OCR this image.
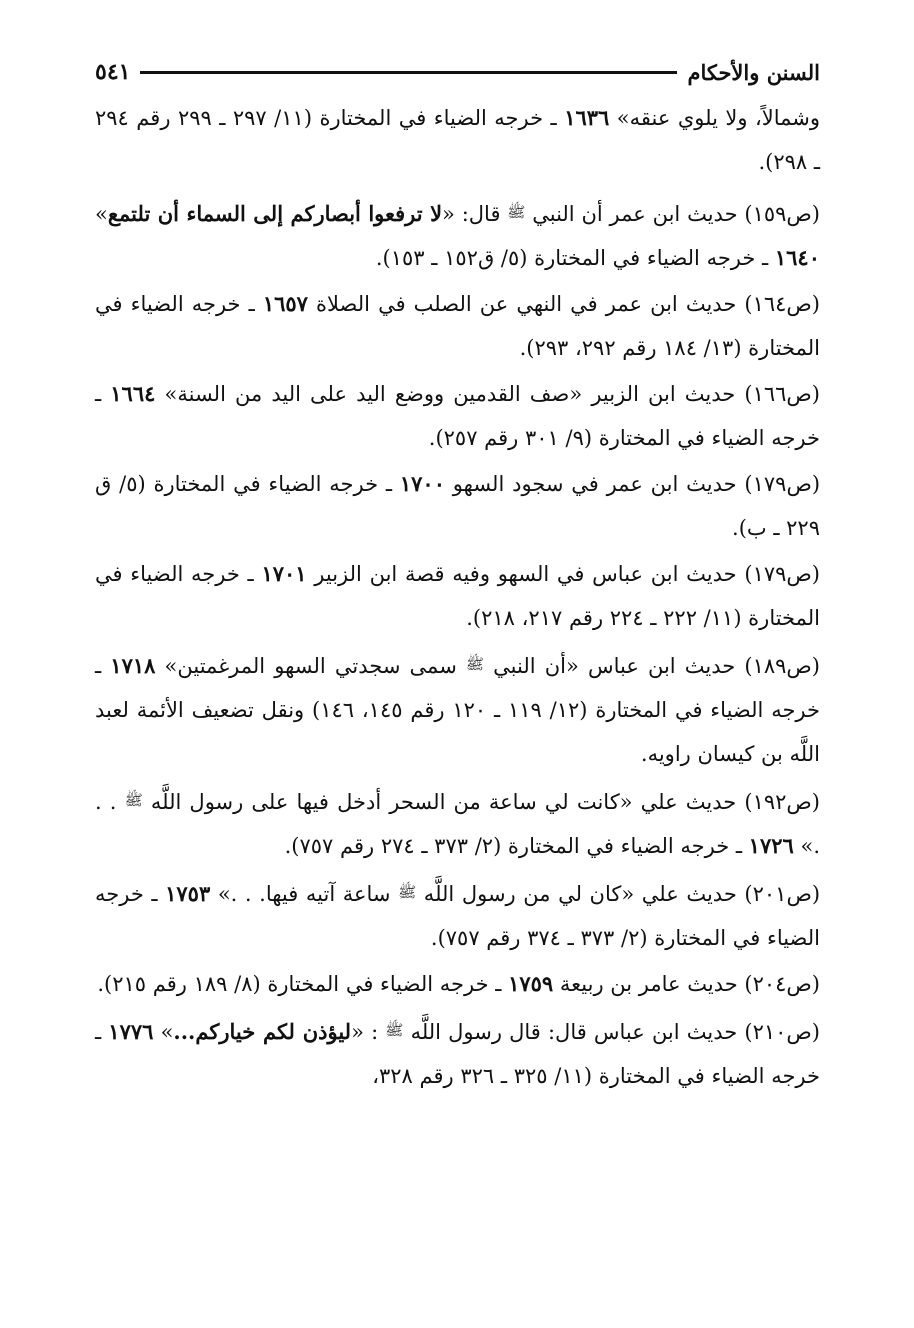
السنن والأحكام
٥٤١

وشمالاً، ولا يلوي عنقه» ١٦٣٦ ـ خرجه الضياء في المختارة (١١/ ٢٩٧ ـ ٢٩٩ رقم ٢٩٤ ـ ٢٩٨).

(ص١٥٩) حديث ابن عمر أن النبي ﷺ قال: «لا ترفعوا أبصاركم إلى السماء أن تلتمع» ١٦٤٠ ـ خرجه الضياء في المختارة (٥/ ق١٥٢ ـ ١٥٣).

(ص١٦٤) حديث ابن عمر في النهي عن الصلب في الصلاة ١٦٥٧ ـ خرجه الضياء في المختارة (١٣/ ١٨٤ رقم ٢٩٢، ٢٩٣).

(ص١٦٦) حديث ابن الزبير «صف القدمين ووضع اليد على اليد من السنة» ١٦٦٤ ـ خرجه الضياء في المختارة (٩/ ٣٠١ رقم ٢٥٧).

(ص١٧٩) حديث ابن عمر في سجود السهو ١٧٠٠ ـ خرجه الضياء في المختارة (٥/ ق ٢٢٩ ـ ب).

(ص١٧٩) حديث ابن عباس في السهو وفيه قصة ابن الزبير ١٧٠١ ـ خرجه الضياء في المختارة (١١/ ٢٢٢ ـ ٢٢٤ رقم ٢١٧، ٢١٨).

(ص١٨٩) حديث ابن عباس «أن النبي ﷺ سمى سجدتي السهو المرغمتين» ١٧١٨ ـ خرجه الضياء في المختارة (١٢/ ١١٩ ـ ١٢٠ رقم ١٤٥، ١٤٦) ونقل تضعيف الأئمة لعبد اللَّه بن كيسان راويه.

(ص١٩٢) حديث علي «كانت لي ساعة من السحر أدخل فيها على رسول اللَّه ﷺ . . .» ١٧٢٦ ـ خرجه الضياء في المختارة (٢/ ٣٧٣ ـ ٢٧٤ رقم ٧٥٧).

(ص٢٠١) حديث علي «كان لي من رسول اللَّه ﷺ ساعة آتيه فيها. . .» ١٧٥٣ ـ خرجه الضياء في المختارة (٢/ ٣٧٣ ـ ٣٧٤ رقم ٧٥٧).

(ص٢٠٤) حديث عامر بن ربيعة ١٧٥٩ ـ خرجه الضياء في المختارة (٨/ ١٨٩ رقم ٢١٥).

(ص٢١٠) حديث ابن عباس قال: قال رسول اللَّه ﷺ : «ليؤذن لكم خياركم...» ١٧٧٦ ـ خرجه الضياء في المختارة (١١/ ٣٢٥ ـ ٣٢٦ رقم ٣٢٨،
